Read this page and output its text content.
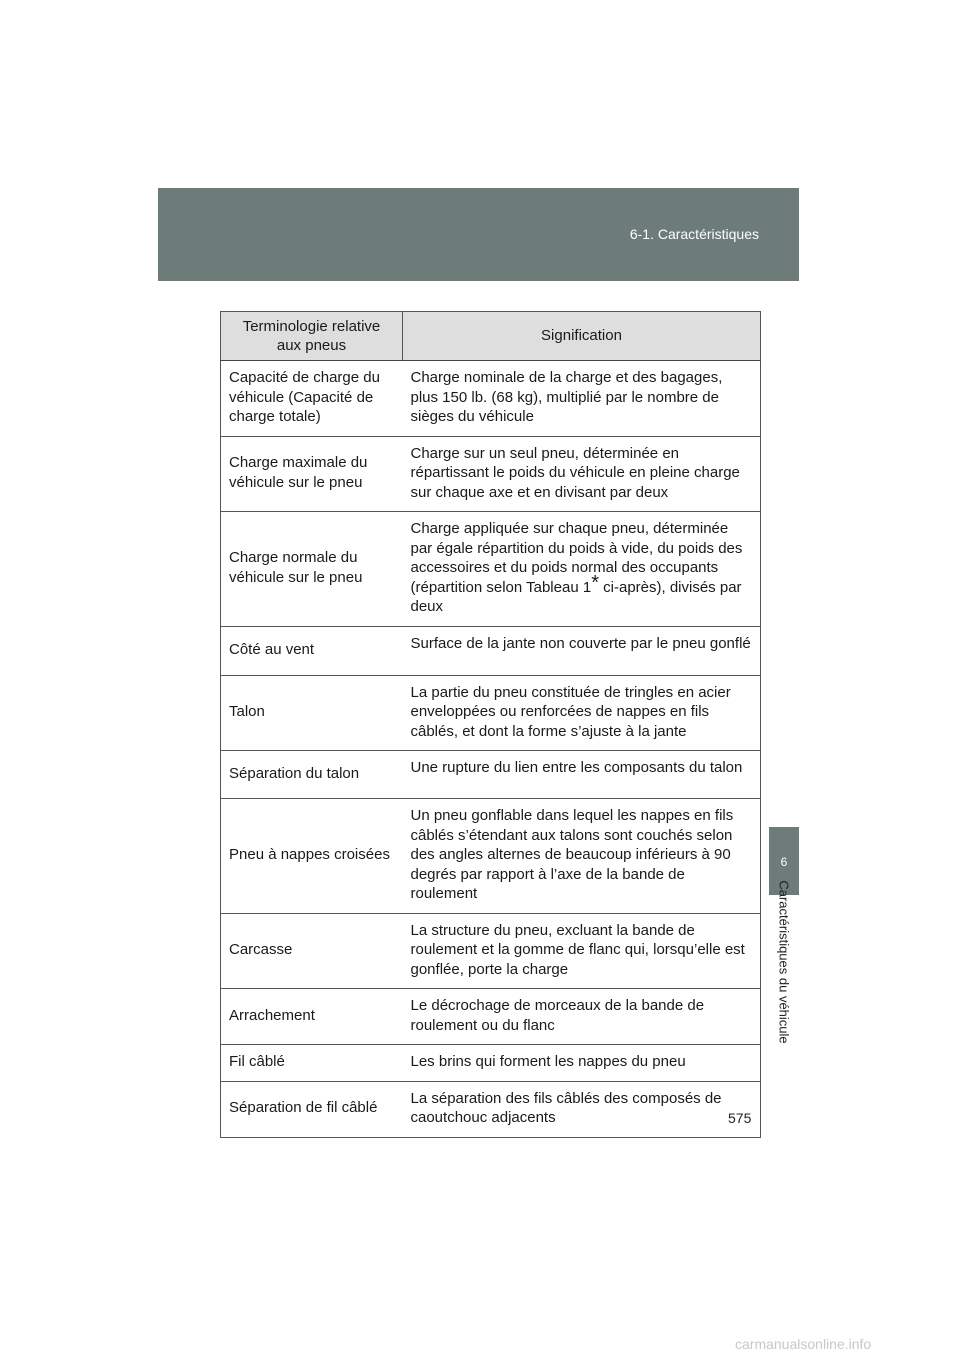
6-1. Caractéristiques
6
Caractéristiques du véhicule
Terminologie relative aux pneus	Signification
Capacité de charge du véhicule (Capacité de charge totale)	Charge nominale de la charge et des bagages, plus 150 lb. (68 kg), multiplié par le nombre de sièges du véhicule
Charge maximale du véhicule sur le pneu	Charge sur un seul pneu, déterminée en répartissant le poids du véhicule en pleine charge sur chaque axe et en divisant par deux
Charge normale du véhicule sur le pneu	Charge appliquée sur chaque pneu, déterminée par égale répartition du poids à vide, du poids des accessoires et du poids normal des occupants (répartition selon Tableau 1* ci-après), divisés par deux
Côté au vent	Surface de la jante non couverte par le pneu gonflé
Talon	La partie du pneu constituée de tringles en acier enveloppées ou renforcées de nappes en fils câblés, et dont la forme s’ajuste à la jante
Séparation du talon	Une rupture du lien entre les composants du talon
Pneu à nappes croisées	Un pneu gonflable dans lequel les nappes en fils câblés s’étendant aux talons sont couchés selon des angles alternes de beaucoup inférieurs à 90 degrés par rapport à l’axe de la bande de roulement
Carcasse	La structure du pneu, excluant la bande de roulement et la gomme de flanc qui, lorsqu’elle est gonflée, porte la charge
Arrachement	Le décrochage de morceaux de la bande de roulement ou du flanc
Fil câblé	Les brins qui forment les nappes du pneu
Séparation de fil câblé	La séparation des fils câblés des composés de caoutchouc adjacents	575
carmanualsonline.info
